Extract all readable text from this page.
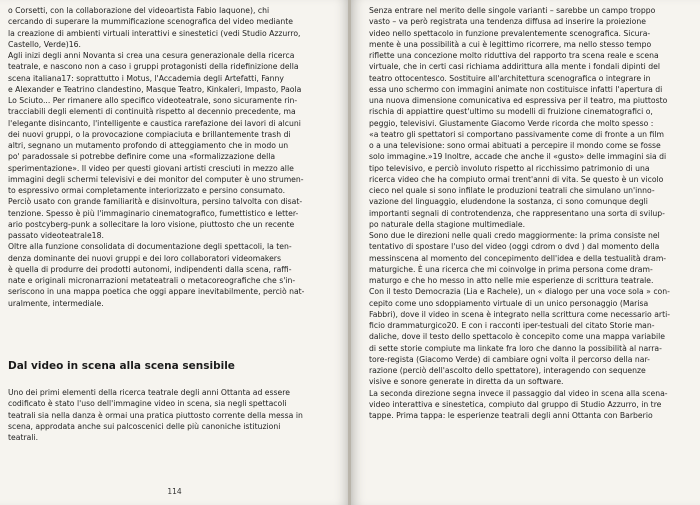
o Corsetti, con la collaborazione del videoartista Fabio Iaquone), chi
cercando di superare la mummificazione scenografica del video mediante
la creazione di ambienti virtuali interattivi e sinestetici (vedi Studio Azzurro,
Castello, Verde)16.

Agli inizi degli anni Novanta si crea una cesura generazionale della ricerca
teatrale, e nascono non a caso i gruppi protagonisti della ridefinizione della
scena italiana17: soprattutto i Motus, l'Accademia degli Artefatti, Fanny
e Alexander e Teatrino clandestino, Masque Teatro, Kinkaleri, Impasto, Paola
Lo Sciuto... Per rimanere allo specifico videoteatrale, sono sicuramente rin-
tracciabili degli elementi di continuità rispetto al decennio precedente, ma
l'elegante disincanto, l'intelligente e caustica rarefazione dei lavori di alcuni
dei nuovi gruppi, o la provocazione compiaciuta e brillantemente trash di
altri, segnano un mutamento profondo di atteggiamento che in modo un
po' paradossale si potrebbe definire come una «formalizzazione della
sperimentazione». Il video per questi giovani artisti cresciuti in mezzo alle
immagini degli schermi televisivi e dei monitor del computer è uno strumen-
to espressivo ormai completamente interiorizzato e persino consumato.
Perciò usato con grande familiarità e disinvoltura, persino talvolta con disat-
tenzione. Spesso è più l'immaginario cinematografico, fumettistico e letter-
ario postcyberg-punk a sollecitare la loro visione, piuttosto che un recente
passato videoteatrale18.

Oltre alla funzione consolidata di documentazione degli spettacoli, la ten-
denza dominante dei nuovi gruppi e dei loro collaboratori videomakers
è quella di produrre dei prodotti autonomi, indipendenti dalla scena, raffi-
nate e originali micronarrazioni metateatrali o metacoreografiche che s'in-
seriscono in una mappa poetica che oggi appare inevitabilmente, perciò nat-
uralmente, intermediale.

Dal video in scena alla scena sensibile

Uno dei primi elementi della ricerca teatrale degli anni Ottanta ad essere
codificato è stato l'uso dell'immagine video in scena, sia negli spettacoli
teatrali sia nella danza è ormai una pratica piuttosto corrente della messa in
scena, approdata anche sui palcoscenici delle più canoniche istituzioni
teatrali.

114

Senza entrare nel merito delle singole varianti – sarebbe un campo troppo
vasto – va però registrata una tendenza diffusa ad inserire la proiezione
video nello spettacolo in funzione prevalentemente scenografica. Sicura-
mente è una possibilità a cui è legittimo ricorrere, ma nello stesso tempo
riflette una concezione molto riduttiva del rapporto tra scena reale e scena
virtuale, che in certi casi richiama addirittura alla mente i fondali dipinti del
teatro ottocentesco. Sostituire all'architettura scenografica o integrare in
essa uno schermo con immagini animate non costituisce infatti l'apertura di
una nuova dimensione comunicativa ed espressiva per il teatro, ma piuttosto
rischia di appiattire quest'ultimo su modelli di fruizione cinematografici o,
peggio, televisivi. Giustamente Giacomo Verde ricorda che molto spesso :
«a teatro gli spettatori si comportano passivamente come di fronte a un film
o a una televisione: sono ormai abituati a percepire il mondo come se fosse
solo immagine.»19 Inoltre, accade che anche il «gusto» delle immagini sia di
tipo televisivo, e perciò involuto rispetto al ricchissimo patrimonio di una
ricerca video che ha compiuto ormai trent'anni di vita. Se questo è un vicolo
cieco nel quale si sono infilate le produzioni teatrali che simulano un'inno-
vazione del linguaggio, eludendone la sostanza, ci sono comunque degli
importanti segnali di controtendenza, che rappresentano una sorta di svilup-
po naturale della stagione multimediale.

Sono due le direzioni nelle quali credo maggiormente: la prima consiste nel
tentativo di spostare l'uso del video (oggi cdrom o dvd ) dal momento della
messinscena al momento del concepimento dell'idea e della testualità dram-
maturgiche. È una ricerca che mi coinvolge in prima persona come dram-
maturgo e che ho messo in atto nelle mie esperienze di scrittura teatrale.
Con il testo Democrazia (Lia e Rachele), un « dialogo per una voce sola » con-
cepito come uno sdoppiamento virtuale di un unico personaggio (Marisa
Fabbri), dove il video in scena è integrato nella scrittura come necessario arti-
ficio drammaturgico20. E con i racconti iper-testuali del citato Storie man-
daliche, dove il testo dello spettacolo è concepito come una mappa variabile
di sette storie compiute ma linkate fra loro che danno la possibilità al narra-
tore-regista (Giacomo Verde) di cambiare ogni volta il percorso della nar-
razione (perciò dell'ascolto dello spettatore), interagendo con sequenze
visive e sonore generate in diretta da un software.

La seconda direzione segna invece il passaggio dal video in scena alla scena-
video interattiva e sinestetica, compiuto dal gruppo di Studio Azzurro, in tre
tappe. Prima tappa: le esperienze teatrali degli anni Ottanta con Barberio
